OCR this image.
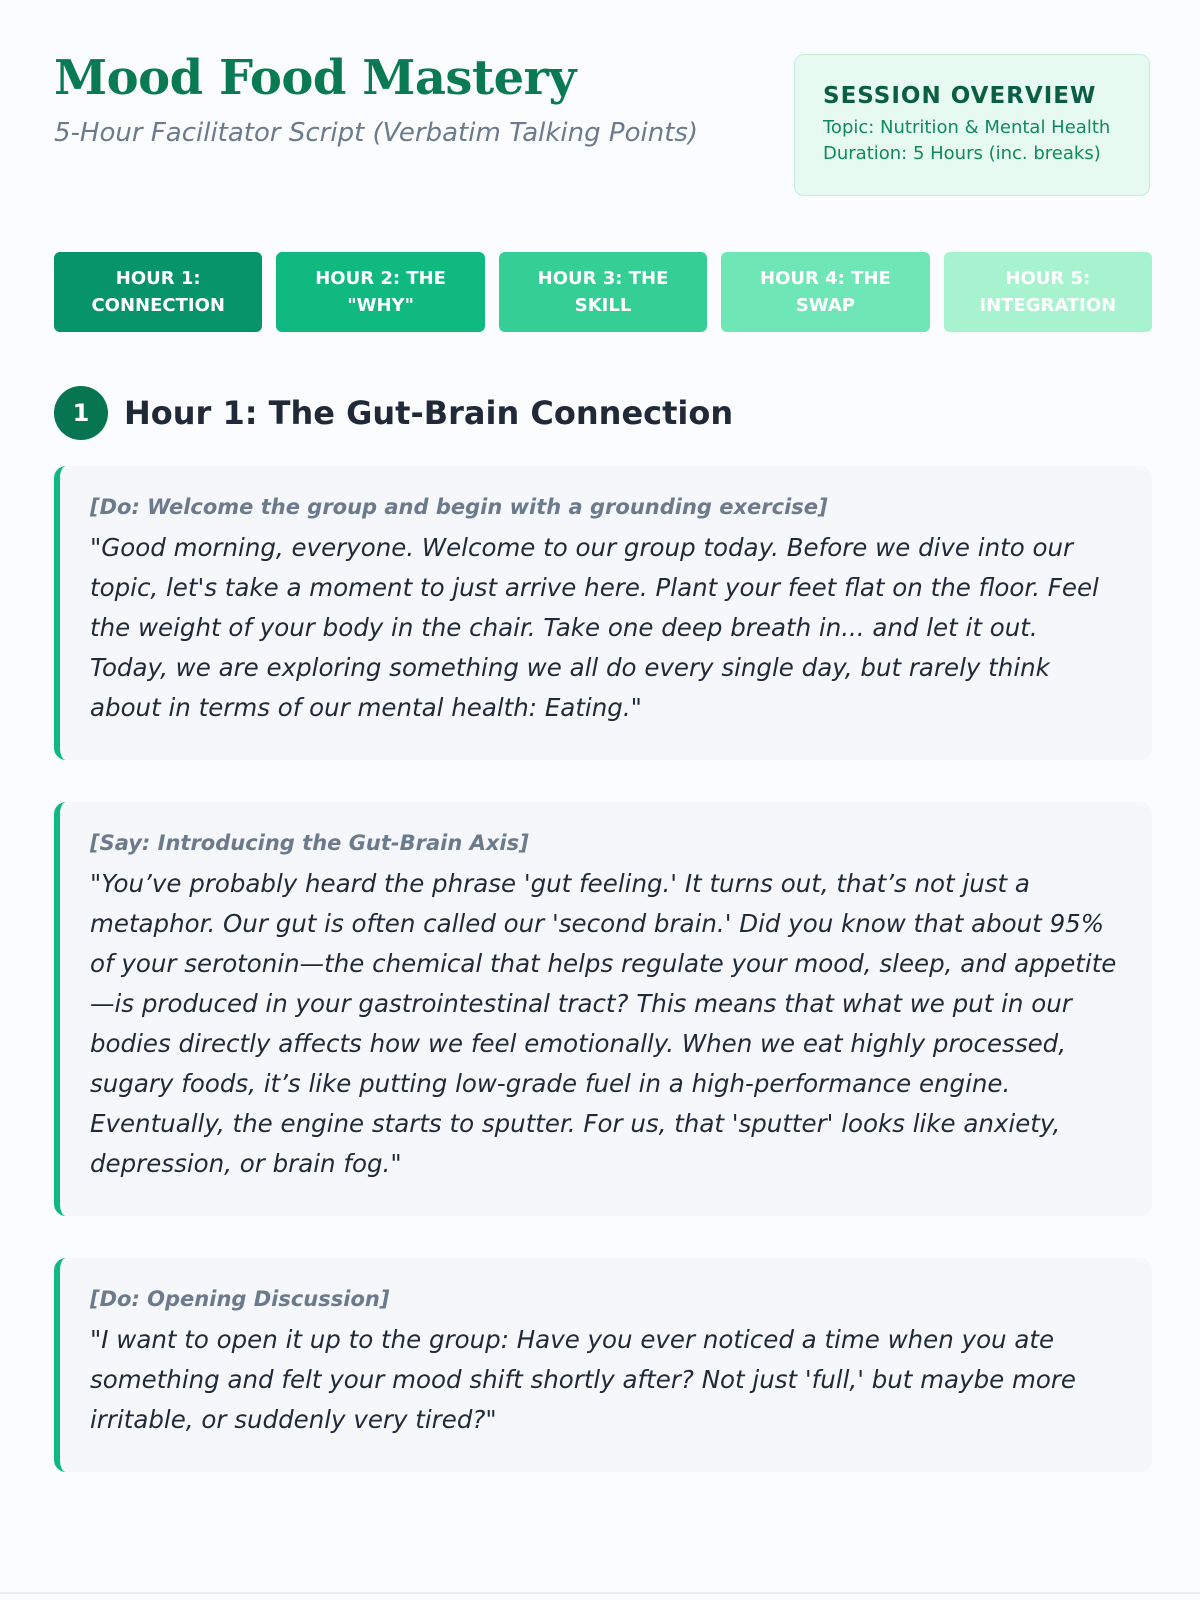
Mood Food Mastery

5-Hour Facilitator Script (Verbatim Talking Points)

SESSION OVERVIEW
Topic: Nutrition & Mental Health
Duration: 5 Hours (inc. breaks)
HOUR 1: CONNECTION
HOUR 2: THE "WHY"
HOUR 3: THE SKILL
HOUR 4: THE SWAP
HOUR 5: INTEGRATION
1	Hour 1: The Gut-Brain Connection
[Do: Welcome the group and begin with a grounding exercise]

"Good morning, everyone. Welcome to our group today. Before we dive into our topic, let's take a moment to just arrive here. Plant your feet flat on the floor. Feel the weight of your body in the chair. Take one deep breath in... and let it out. Today, we are exploring something we all do every single day, but rarely think about in terms of our mental health: Eating."

[Say: Introducing the Gut-Brain Axis]

"You’ve probably heard the phrase 'gut feeling.' It turns out, that’s not just a metaphor. Our gut is often called our 'second brain.' Did you know that about 95% of your serotonin—the chemical that helps regulate your mood, sleep, and appetite—is produced in your gastrointestinal tract? This means that what we put in our bodies directly affects how we feel emotionally. When we eat highly processed, sugary foods, it’s like putting low-grade fuel in a high-performance engine. Eventually, the engine starts to sputter. For us, that 'sputter' looks like anxiety, depression, or brain fog."

[Do: Opening Discussion]

"I want to open it up to the group: Have you ever noticed a time when you ate something and felt your mood shift shortly after? Not just 'full,' but maybe more irritable, or suddenly very tired?"
